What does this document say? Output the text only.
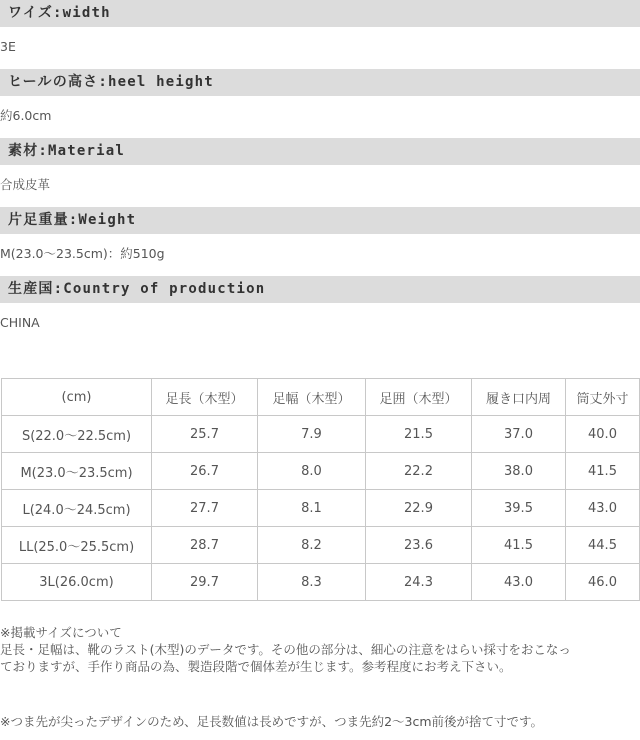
ワイズ:width
3E
ヒールの高さ:heel height
約6.0cm
素材:Material
合成皮革
片足重量:Weight
M(23.0〜23.5cm)：約510g
生産国:Country of production
CHINA
(cm)	足長（木型）	足幅（木型）	足囲（木型）	履き口内周	筒丈外寸
S(22.0〜22.5cm)	25.7	7.9	21.5	37.0	40.0
M(23.0〜23.5cm)	26.7	8.0	22.2	38.0	41.5
L(24.0〜24.5cm)	27.7	8.1	22.9	39.5	43.0
LL(25.0〜25.5cm)	28.7	8.2	23.6	41.5	44.5
3L(26.0cm)	29.7	8.3	24.3	43.0	46.0
※掲載サイズについて
足長・足幅は、靴のラスト(木型)のデータです。その他の部分は、細心の注意をはらい採寸をおこなっ
ておりますが、手作り商品の為、製造段階で個体差が生じます。参考程度にお考え下さい。
※つま先が尖ったデザインのため、足長数値は長めですが、つま先約2〜3cm前後が捨て寸です。
